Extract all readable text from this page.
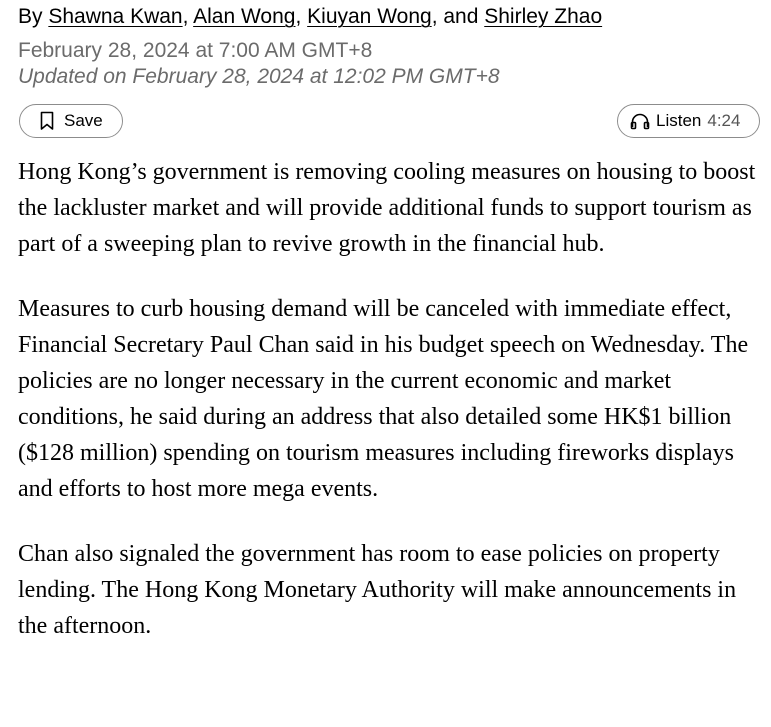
By Shawna Kwan, Alan Wong, Kiuyan Wong, and Shirley Zhao
February 28, 2024 at 7:00 AM GMT+8
Updated on February 28, 2024 at 12:02 PM GMT+8
Save	Listen 4:24

Hong Kong’s government is removing cooling measures on housing to boost the lackluster market and will provide additional funds to support tourism as part of a sweeping plan to revive growth in the financial hub.

Measures to curb housing demand will be canceled with immediate effect, Financial Secretary Paul Chan said in his budget speech on Wednesday. The policies are no longer necessary in the current economic and market conditions, he said during an address that also detailed some HK$1 billion ($128 million) spending on tourism measures including fireworks displays and efforts to host more mega events.

Chan also signaled the government has room to ease policies on property lending. The Hong Kong Monetary Authority will make announcements in the afternoon.
